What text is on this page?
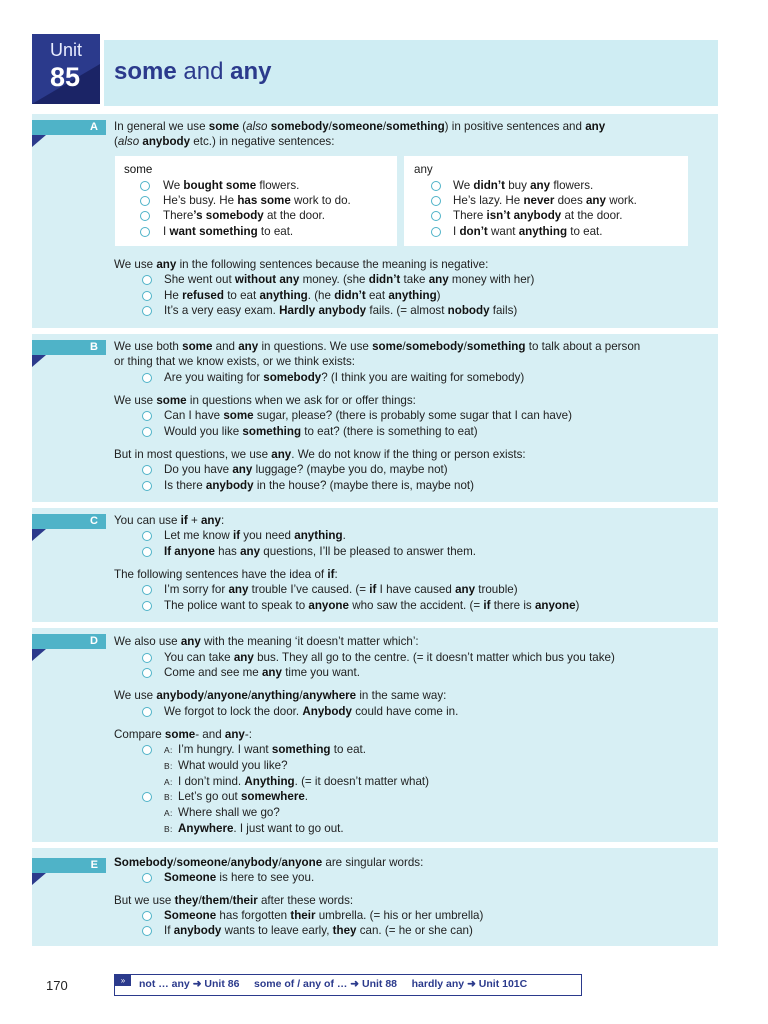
Unit
85 some and any
A	In general we use some (also somebody/someone/something) in positive sentences and any
(also anybody etc.) in negative sentences:
some
We bought some flowers.
He’s busy. He has some work to do.
There’s somebody at the door.
I want something to eat.
any
We didn’t buy any flowers.
He’s lazy. He never does any work.
There isn’t anybody at the door.
I don’t want anything to eat.
We use any in the following sentences because the meaning is negative:
She went out without any money. (she didn’t take any money with her)
He refused to eat anything. (he didn’t eat anything)
It’s a very easy exam. Hardly anybody fails. (= almost nobody fails)
B	We use both some and any in questions. We use some/somebody/something to talk about a person
or thing that we know exists, or we think exists:
Are you waiting for somebody? (I think you are waiting for somebody)
We use some in questions when we ask for or offer things:
Can I have some sugar, please? (there is probably some sugar that I can have)
Would you like something to eat? (there is something to eat)
But in most questions, we use any. We do not know if the thing or person exists:
Do you have any luggage? (maybe you do, maybe not)
Is there anybody in the house? (maybe there is, maybe not)
C	You can use if + any:
Let me know if you need anything.
If anyone has any questions, I’ll be pleased to answer them.
The following sentences have the idea of if:
I’m sorry for any trouble I’ve caused. (= if I have caused any trouble)
The police want to speak to anyone who saw the accident. (= if there is anyone)
D	We also use any with the meaning ‘it doesn’t matter which’:
You can take any bus. They all go to the centre. (= it doesn’t matter which bus you take)
Come and see me any time you want.
We use anybody/anyone/anything/anywhere in the same way:
We forgot to lock the door. Anybody could have come in.
Compare some- and any-:
A: I’m hungry. I want something to eat.
B: What would you like?
A: I don’t mind. Anything. (= it doesn’t matter what)
B: Let’s go out somewhere.
A: Where shall we go?
B: Anywhere. I just want to go out.
E	Somebody/someone/anybody/anyone are singular words:
Someone is here to see you.
But we use they/them/their after these words:
Someone has forgotten their umbrella. (= his or her umbrella)
If anybody wants to leave early, they can. (= he or she can)
170	»	not … any ➜ Unit 86 some of / any of … ➜ Unit 88 hardly any ➜ Unit 101C
